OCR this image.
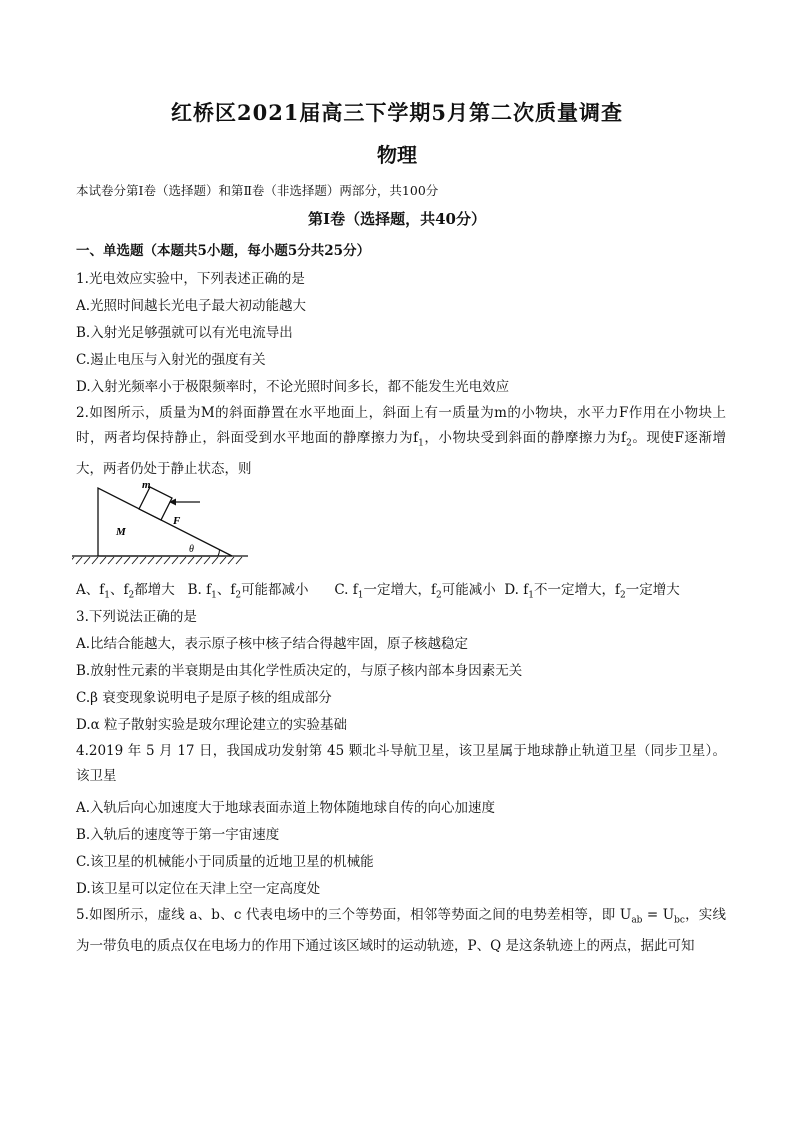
红桥区2021届高三下学期5月第二次质量调查
物理
本试卷分第Ⅰ卷（选择题）和第Ⅱ卷（非选择题）两部分，共100分
第Ⅰ卷（选择题，共40分）
一、单选题（本题共5小题，每小题5分共25分）
1.光电效应实验中，下列表述正确的是
A.光照时间越长光电子最大初动能越大
B.入射光足够强就可以有光电流导出
C.遏止电压与入射光的强度有关
D.入射光频率小于极限频率时，不论光照时间多长，都不能发生光电效应
2.如图所示，质量为M的斜面静置在水平地面上，斜面上有一质量为m的小物块，水平力F作用在小物块上时，两者均保持静止，斜面受到水平地面的静摩擦力为$f_1$，小物块受到斜面的静摩擦力为$f_2$。现使F逐渐增大，两者仍处于静止状态，则
m
M
F
θ
A、$f_1$、$f_2$都增大 B. $f_1$、$f_2$可能都减小 C. $f_1$一定增大，$f_2$可能减小 D. $f_1$不一定增大，$f_2$一定增大
3.下列说法正确的是
A.比结合能越大，表示原子核中核子结合得越牢固，原子核越稳定
B.放射性元素的半衰期是由其化学性质决定的，与原子核内部本身因素无关
C.β 衰变现象说明电子是原子核的组成部分
D.α 粒子散射实验是玻尔理论建立的实验基础
4.2019 年 5 月 17 日，我国成功发射第 45 颗北斗导航卫星，该卫星属于地球静止轨道卫星（同步卫星）。该卫星
A.入轨后向心加速度大于地球表面赤道上物体随地球自传的向心加速度
B.入轨后的速度等于第一宇宙速度
C.该卫星的机械能小于同质量的近地卫星的机械能
D.该卫星可以定位在天津上空一定高度处
5.如图所示，虚线 a、b、c 代表电场中的三个等势面，相邻等势面之间的电势差相等，即 $U_{ab} = U_{bc}$，实线为一带负电的质点仅在电场力的作用下通过该区域时的运动轨迹，P、Q 是这条轨迹上的两点，据此可知
